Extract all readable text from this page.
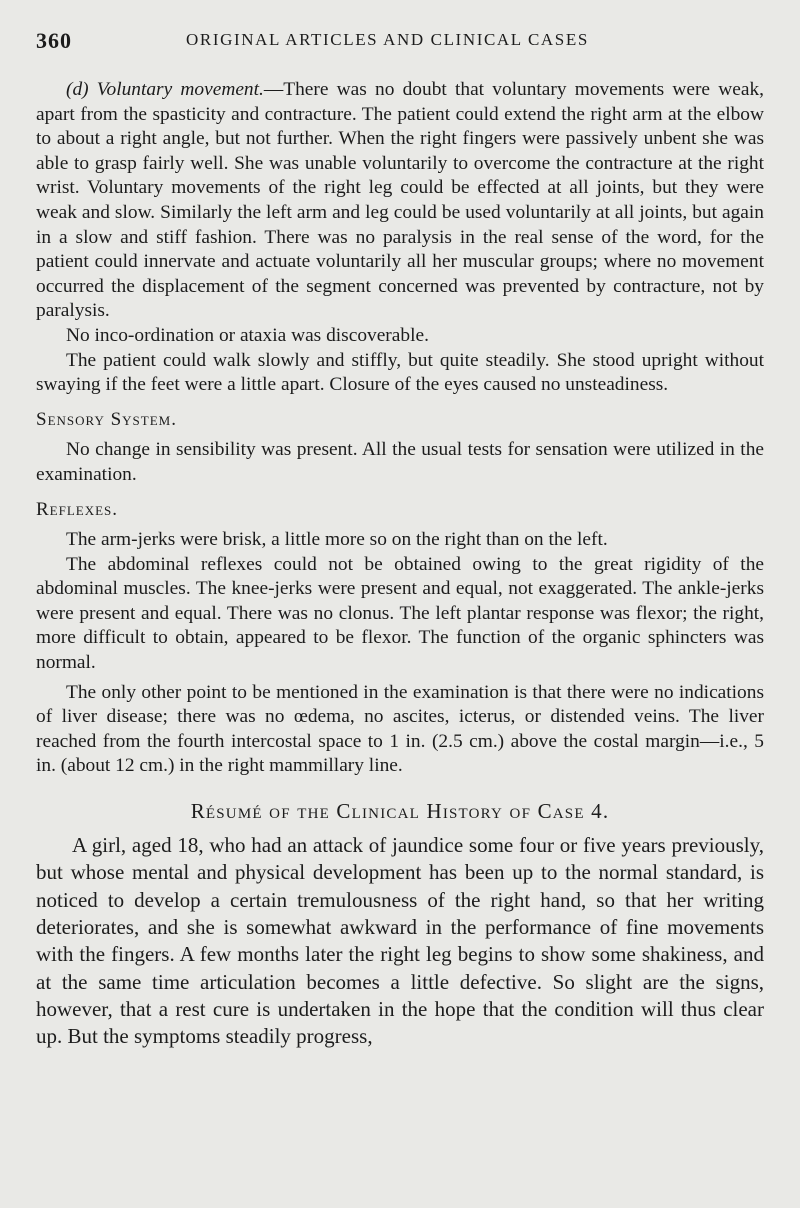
360	ORIGINAL ARTICLES AND CLINICAL CASES

(d) Voluntary movement.—There was no doubt that voluntary movements were weak, apart from the spasticity and contracture. The patient could extend the right arm at the elbow to about a right angle, but not further. When the right fingers were passively unbent she was able to grasp fairly well. She was unable voluntarily to overcome the contracture at the right wrist. Voluntary movements of the right leg could be effected at all joints, but they were weak and slow. Similarly the left arm and leg could be used voluntarily at all joints, but again in a slow and stiff fashion. There was no paralysis in the real sense of the word, for the patient could innervate and actuate voluntarily all her muscular groups; where no movement occurred the displacement of the segment concerned was prevented by contracture, not by paralysis.

No inco-ordination or ataxia was discoverable.

The patient could walk slowly and stiffly, but quite steadily. She stood upright without swaying if the feet were a little apart. Closure of the eyes caused no unsteadiness.

Sensory System.

No change in sensibility was present. All the usual tests for sensation were utilized in the examination.

Reflexes.

The arm-jerks were brisk, a little more so on the right than on the left.

The abdominal reflexes could not be obtained owing to the great rigidity of the abdominal muscles. The knee-jerks were present and equal, not exaggerated. The ankle-jerks were present and equal. There was no clonus. The left plantar response was flexor; the right, more difficult to obtain, appeared to be flexor. The function of the organic sphincters was normal.

The only other point to be mentioned in the examination is that there were no indications of liver disease; there was no œdema, no ascites, icterus, or distended veins. The liver reached from the fourth intercostal space to 1 in. (2.5 cm.) above the costal margin—i.e., 5 in. (about 12 cm.) in the right mammillary line.

Résumé of the Clinical History of Case 4.

A girl, aged 18, who had an attack of jaundice some four or five years previously, but whose mental and physical development has been up to the normal standard, is noticed to develop a certain tremulousness of the right hand, so that her writing deteriorates, and she is somewhat awkward in the performance of fine movements with the fingers. A few months later the right leg begins to show some shakiness, and at the same time articulation becomes a little defective. So slight are the signs, however, that a rest cure is undertaken in the hope that the condition will thus clear up. But the symptoms steadily progress,
